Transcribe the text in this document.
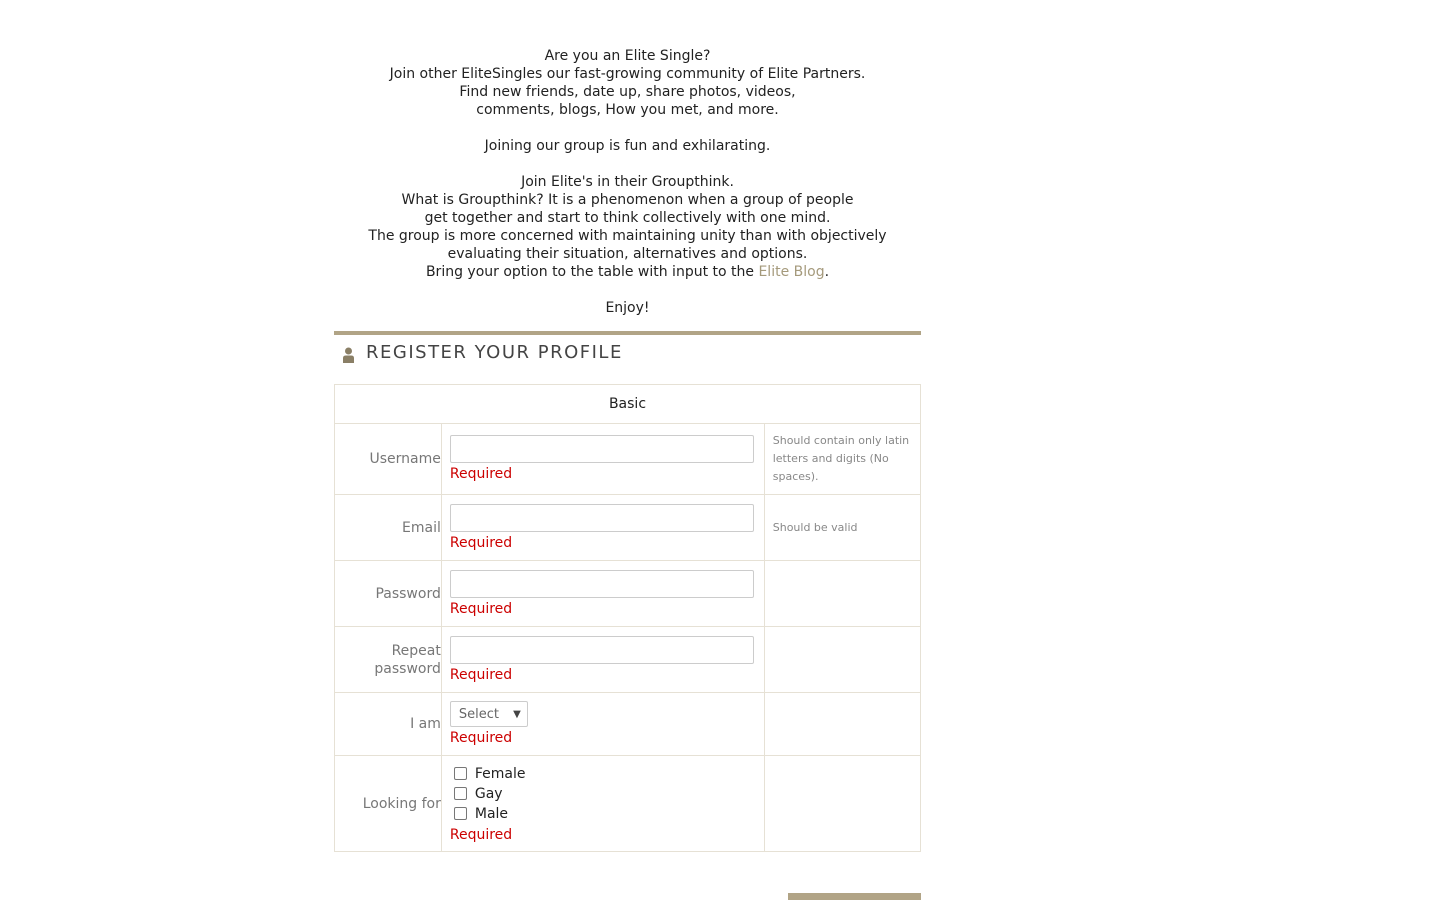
Are you an Elite Single?

Join other EliteSingles our fast-growing community of Elite Partners.

Find new friends, date up, share photos, videos,

comments, blogs, How you met, and more.

Joining our group is fun and exhilarating.

Join Elite's in their Groupthink.

What is Groupthink? It is a phenomenon when a group of people

get together and start to think collectively with one mind.

The group is more concerned with maintaining unity than with objectively

evaluating their situation, alternatives and options.

Bring your option to the table with input to the Elite Blog.

Enjoy!

REGISTER YOUR PROFILE
Basic		
Username	Required	Should contain only latin letters and digits (No spaces).
Email	Required	Should be valid
Password	Required	

Repeat
password	Required	

I am	Select ▼
Required	

Looking for	Female
Gay
Male
Required	
